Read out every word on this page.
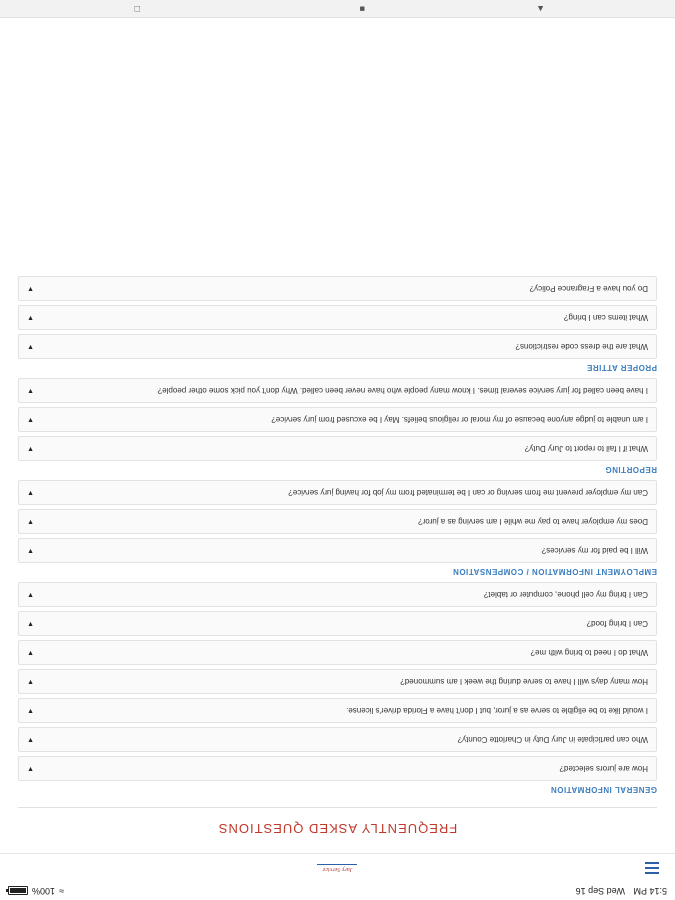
5:14 PM Wed Sep 16
≈
100%
Jury Service
FREQUENTLY ASKED QUESTIONS
GENERAL INFORMATION
How are jurors selected?
▼
Who can participate in Jury Duty in Charlotte County?
▼
I would like to be eligible to serve as a juror, but I don't have a Florida driver's license.
▼
How many days will I have to serve during the week I am summoned?
▼
What do I need to bring with me?
▼
Can I bring food?
▼
Can I bring my cell phone, computer or tablet?
▼
EMPLOYMENT INFORMATION / COMPENSATION
Will I be paid for my services?
▼
Does my employer have to pay me while I am serving as a juror?
▼
Can my employer prevent me from serving or can I be terminated from my job for having jury service?
▼
REPORTING
What if I fail to report to Jury Duty?
▼
I am unable to judge anyone because of my moral or religious beliefs. May I be excused from jury service?
▼
I have been called for jury service several times. I know many people who have never been called. Why don't you pick some other people?
▼
PROPER ATTIRE
What are the dress code restrictions?
▼
What items can I bring?
▼
Do you have a Fragrance Policy?
▼
▲
■
□
